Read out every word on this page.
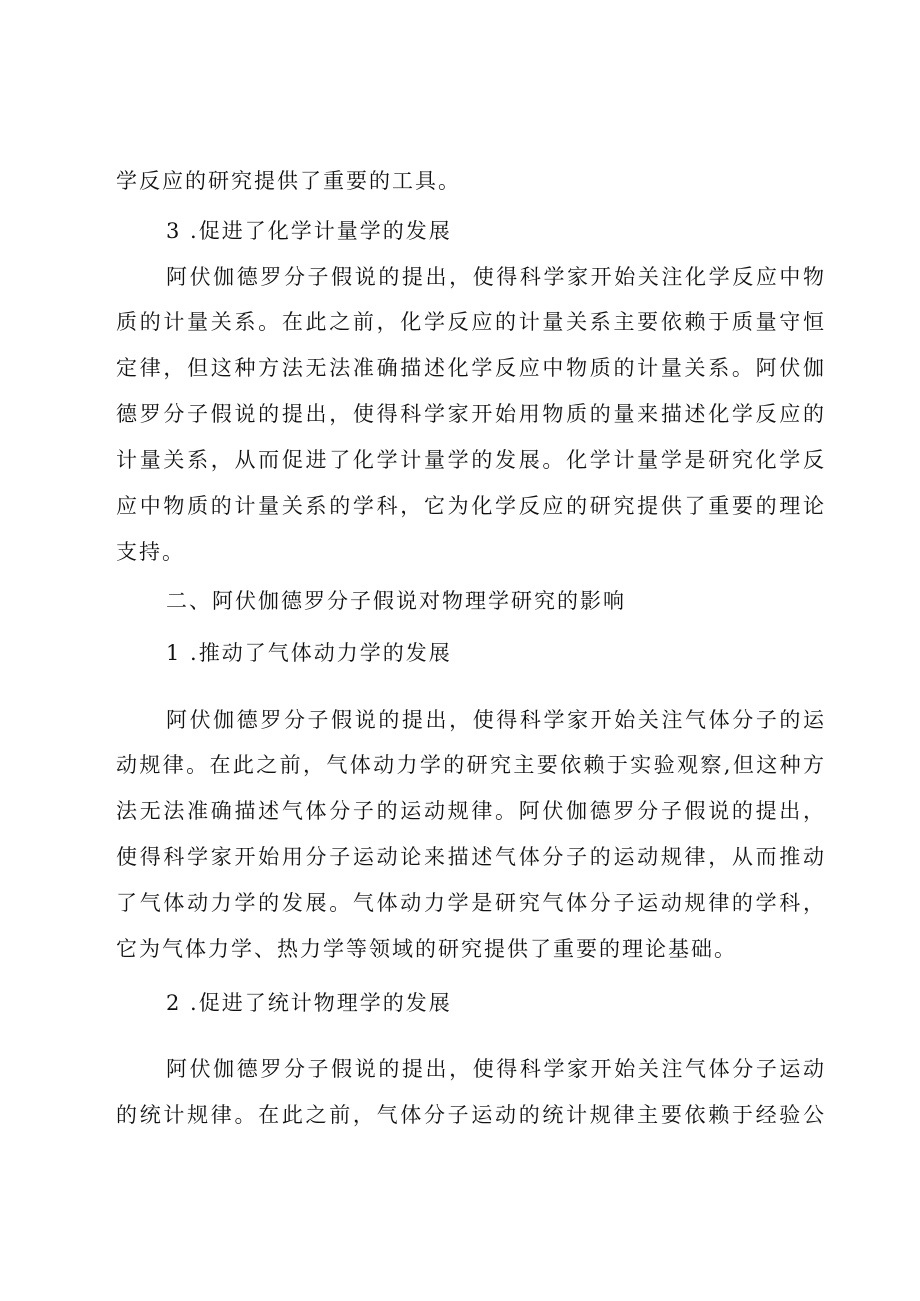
学反应的研究提供了重要的工具。
3 .促进了化学计量学的发展
阿伏伽德罗分子假说的提出，使得科学家开始关注化学反应中物
质的计量关系。在此之前，化学反应的计量关系主要依赖于质量守恒
定律，但这种方法无法准确描述化学反应中物质的计量关系。阿伏伽
德罗分子假说的提出，使得科学家开始用物质的量来描述化学反应的
计量关系，从而促进了化学计量学的发展。化学计量学是研究化学反
应中物质的计量关系的学科，它为化学反应的研究提供了重要的理论
支持。
二、阿伏伽德罗分子假说对物理学研究的影响
1 .推动了气体动力学的发展
阿伏伽德罗分子假说的提出，使得科学家开始关注气体分子的运
动规律。在此之前，气体动力学的研究主要依赖于实验观察,但这种方
法无法准确描述气体分子的运动规律。阿伏伽德罗分子假说的提出，
使得科学家开始用分子运动论来描述气体分子的运动规律，从而推动
了气体动力学的发展。气体动力学是研究气体分子运动规律的学科，
它为气体力学、热力学等领域的研究提供了重要的理论基础。
2 .促进了统计物理学的发展
阿伏伽德罗分子假说的提出，使得科学家开始关注气体分子运动
的统计规律。在此之前，气体分子运动的统计规律主要依赖于经验公
